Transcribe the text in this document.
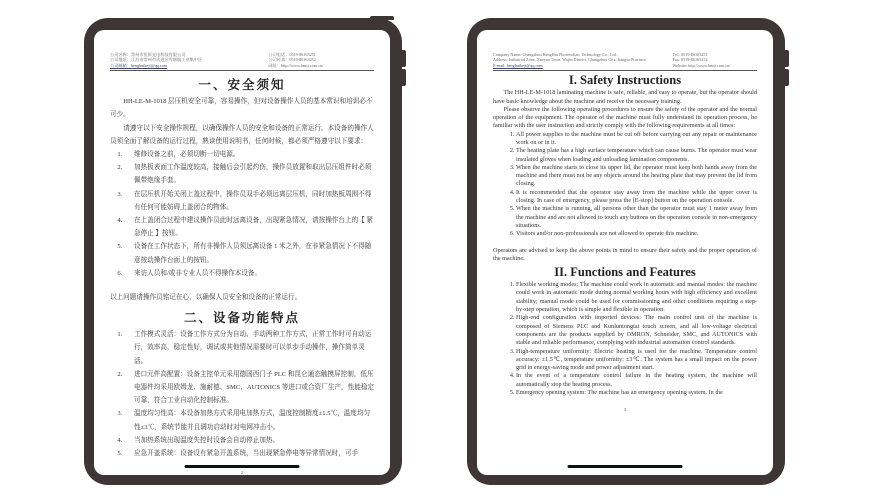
公司名称：常州市恒辉光电科技有限公司
公司地址：江苏省常州市武进区雪堰镇工业集中区
公司邮箱：henghuikeji@qq.com
公司电话：0519-86163251
公司传真：0519-86163252
网址：http://www.hmsi.com.cn/
一、安全须知

HH-LE-M-1018 层压机安全可靠，容易操作，但对设备操作人员的基本常识和培训必不可少。

请遵守以下安全操作规程，以确保操作人员的安全和设备的正常运行。本设备的操作人员须全面了解设备的运行过程，熟读使用说明书，任何时候，都必须严格遵守以下要求：

1. 维修设备之前，必须切断一切电源。
2. 加热板表面工作温度较高，接触后会引起灼伤，操作员放置和取出层压组件时必须佩带绝缘手套。
3. 在层压机开始关闭上盖过程中，操作员双手必须远离层压机，同时加热板周围不得有任何可能妨碍上盖闭合的物体。
4. 在上盖闭合过程中建议操作员此时远离设备，出现紧急情况，请按操作台上的【 紧急停止 】按钮。
5. 设备在工作状态下，所有非操作人员须远离设备 1 米之外，在非紧急情况下不得随意按动操作台面上的按钮。
6. 来访人员和/或非专业人员不得操作本设备。

以上问题请操作员铭记在心，以确保人员安全和设备的正常运行。

二、设备功能特点
1. 工作模式灵活：设备工作方式分为自动、手动两种工作方式，正常工作时可自动运行，效率高，稳定性好，调试或其他情况需要时可以单步手动操作，操作简单灵活。
2. 进口元件高配置：设备主控单元采用德国西门子 PLC 和昆仑通态触摸屏控制，低压电器件均采用欧姆龙、施耐德、SMC、AUTONICS 等进口或合资厂生产，性能稳定可靠，符合工业自动化控制标准。
3. 温度均匀性高：本设备加热方式采用电加热方式，温度控制精度±1.5℃，温度均匀性±3℃，系统节能并且调功启动时对电网冲击小。
4. 当加热系统出现温度失控时设备会自动停止加热。
5. 应急开盖系统：设备设有紧急开盖系统，当出现紧急停电等异常情况时，可手
2
Company Name: Changzhou HengHui Photovoltaic Technology Co., Ltd.
Address: Industrial Zone, Xueyan Town, Wujin District, Changzhou City, Jiangsu Province
E-mail: henghuikeji@qq.com
Tel.: 0519-86163251
Fax: 0519-86163252
Website: http://www.hmsi.com.cn/
I. Safety Instructions

The HH-LE-M-1018 laminating machine is safe, reliable, and easy to operate, but the operator should have basic knowledge about the machine and receive the necessary training.

Please observe the following operating procedures to ensure the safety of the operator and the normal operation of the equipment. The operator of the machine must fully understand its operation process, be familiar with the user instruction and strictly comply with the following requirements at all times:

1. All power supplies to the machine must be cut off before carrying out any repair or maintenance work on or in it.
2. The heating plate has a high surface temperature which can cause burns. The operator must wear insulated gloves when loading and unloading lamination components.
3. When the machine starts to close its upper lid, the operator must keep both hands away from the machine and there must not be any objects around the heating plate that may prevent the lid from closing.
4. It is recommended that the operator stay away from the machine while the upper cover is closing. In case of emergency, please press the [E-stop] button on the operation console.
5. When the machine is running, all persons other than the operator must stay 1 meter away from the machine and are not allowed to touch any buttons on the operation console in non-emergency situations.
6. Visitors and/or non-professionals are not allowed to operate this machine.

Operators are advised to keep the above points in mind to ensure their safety and the proper operation of the machine.

II. Functions and Features
1. Flexible working modes: The machine could work in automatic and manual modes: the machine could work in automatic mode during normal working hours with high efficiency and excellent stability; manual mode could be used for commissioning and other conditions requiring a step-by-step operation, which is simple and flexible in operation.
2. High-end configuration with imported devices: The main control unit of the machine is composed of Siemens PLC and Kunluntongtai touch screen, and all low-voltage electrical components are the products supplied by OMRON, Schneider, SMC, and AUTONICS with stable and reliable performance, complying with industrial automation control standards.
3. High-temperature uniformity: Electric heating is used for the machine. Temperature control accuracy: ±1.5℃, temperature uniformity: ±3℃. The system has a small impact on the power grid in energy-saving mode and power adjustment start.
4. In the event of a temperature control failure in the heating system, the machine will automatically stop the heating process.
5. Emergency opening system: The machine has an emergency opening system. In the
3
